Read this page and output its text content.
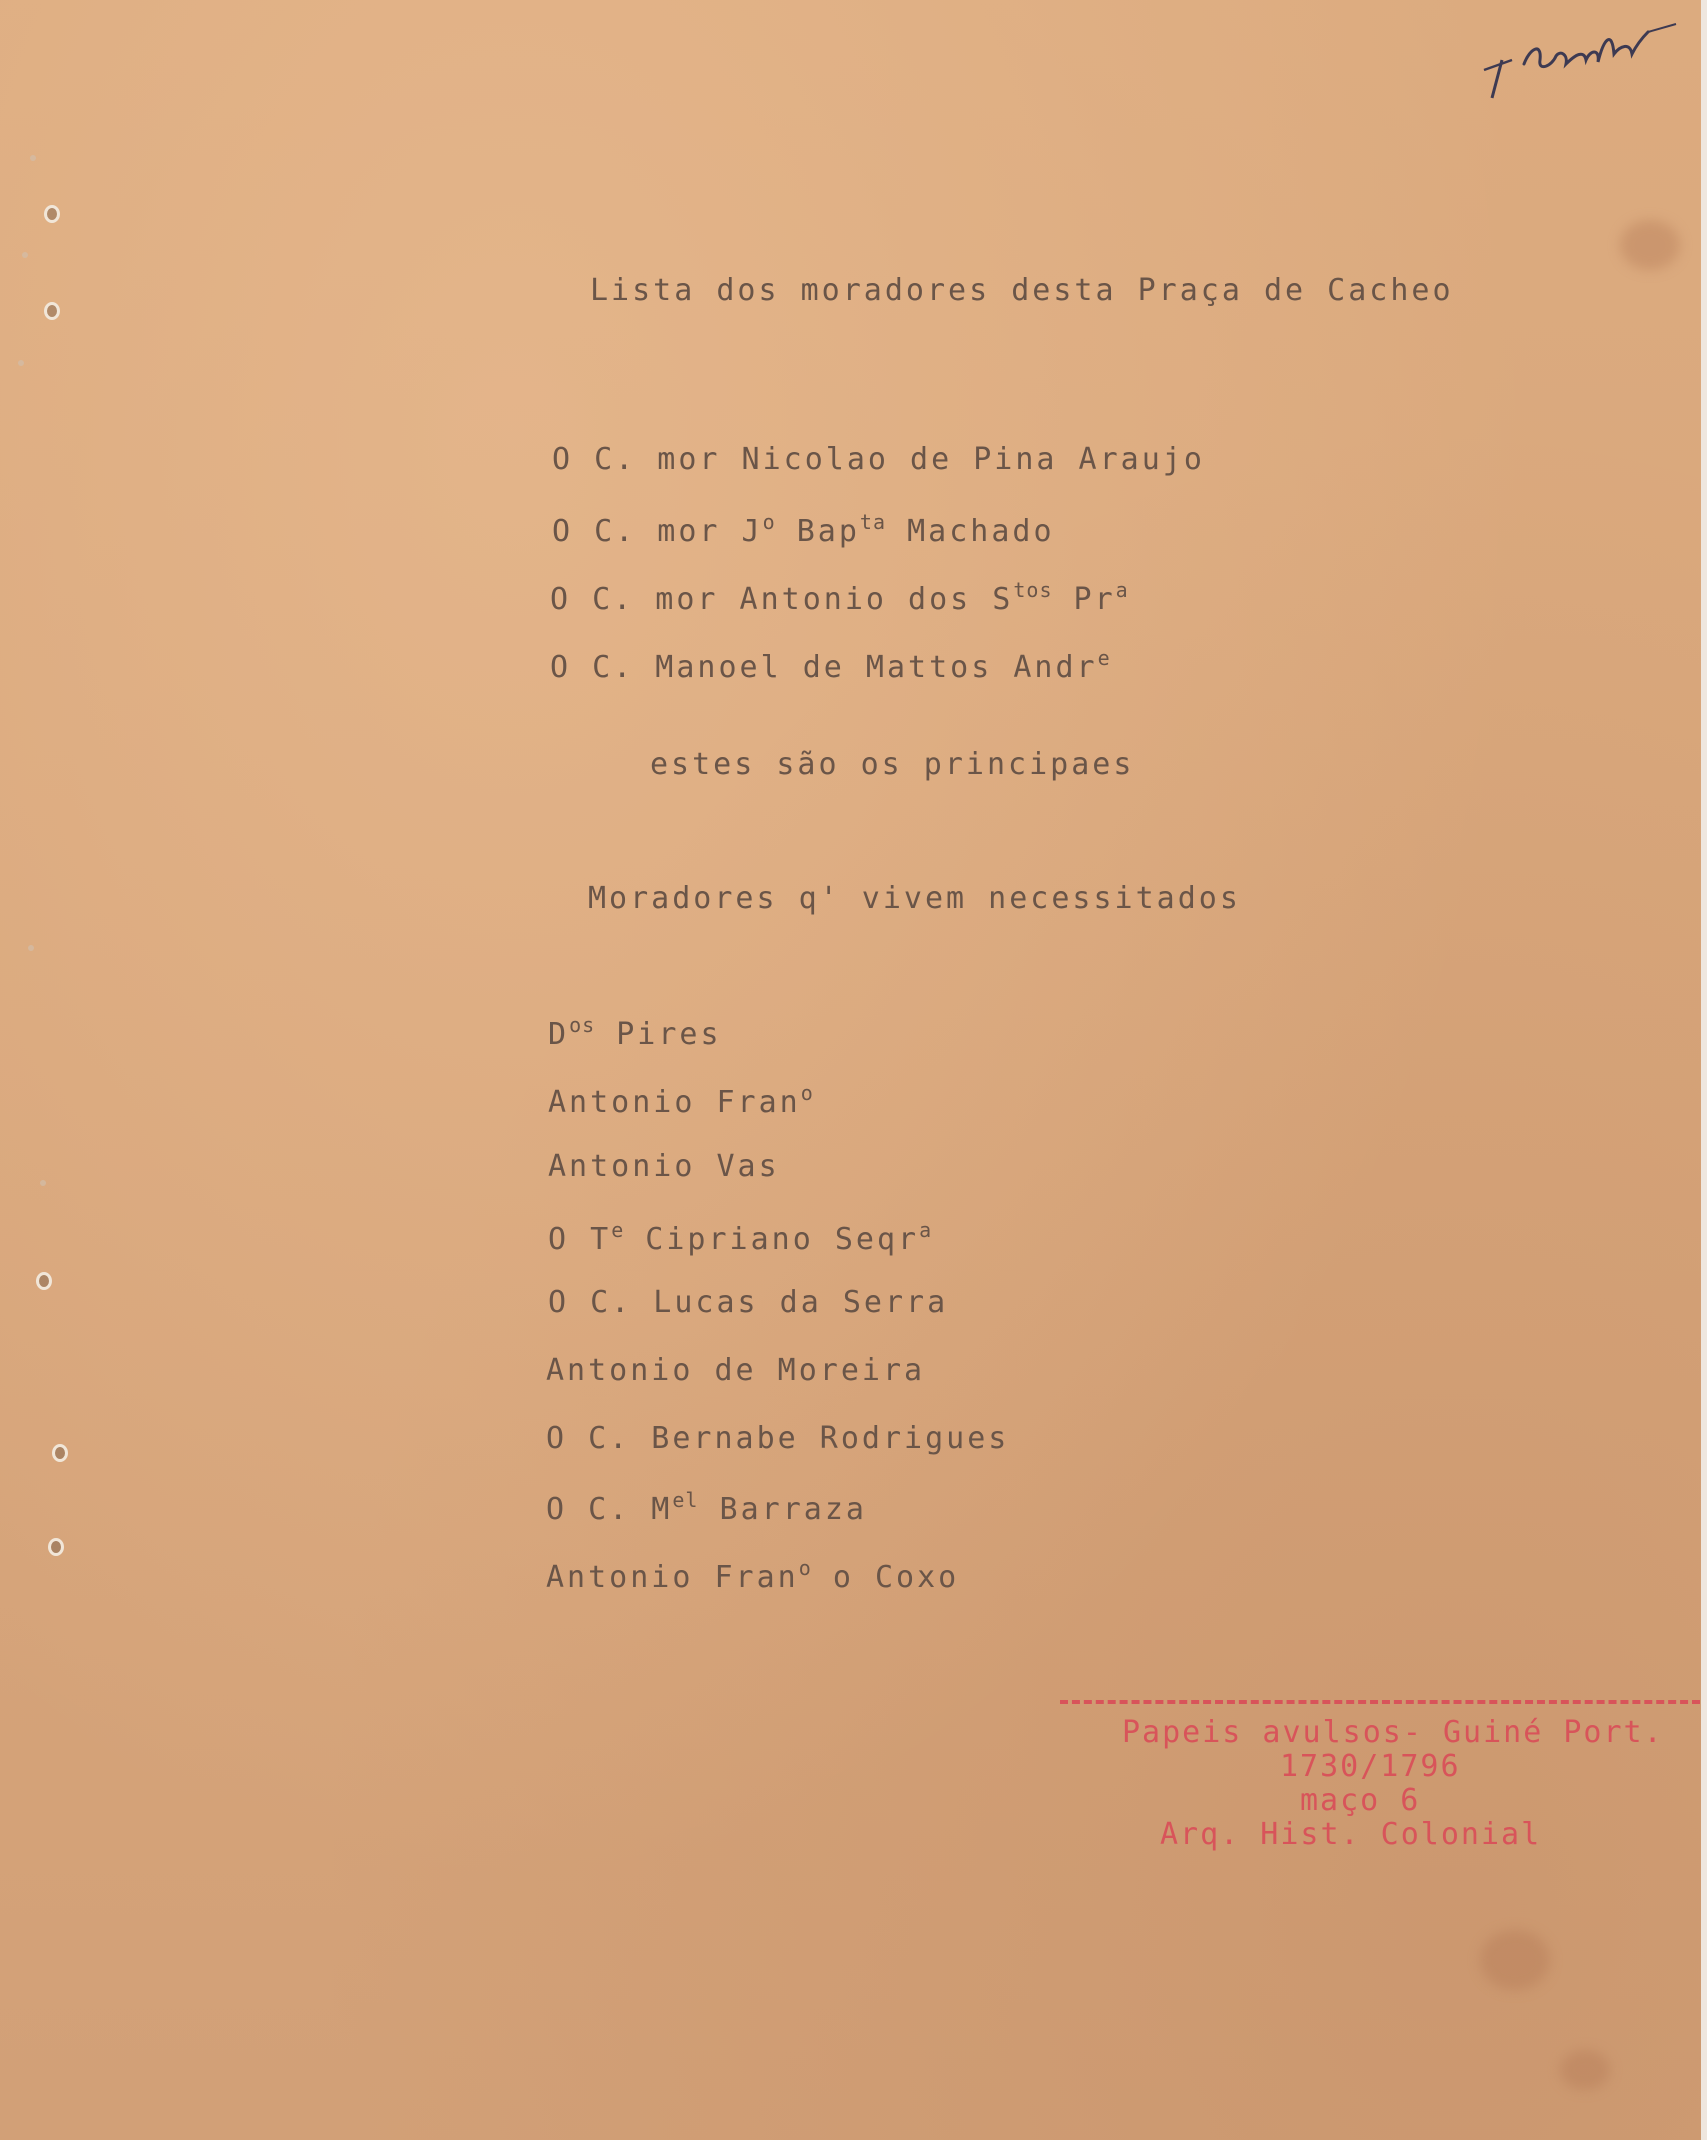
Lista dos moradores desta Praça de Cacheo

O C. mor Nicolao de Pina Araujo

O C. mor $J^o$ Bap$^{ta}$ Machado

O C. mor Antonio dos $S^{tos}$ Pr$^a$

O C. Manoel de Mattos Andr$^e$

estes são os principaes

Moradores q' vivem necessitados

$D^{os}$ Pires

Antonio Fran$^o$

Antonio Vas

O $T^e$ Cipriano Seqr$^a$

O C. Lucas da Serra

Antonio de Moreira

O C. Bernabe Rodrigues

O C. $M^{el}$ Barraza

Antonio Fran$^o$ o Coxo

Papeis avulsos- Guiné Port.
1730/1796
maço 6
Arq. Hist. Colonial
